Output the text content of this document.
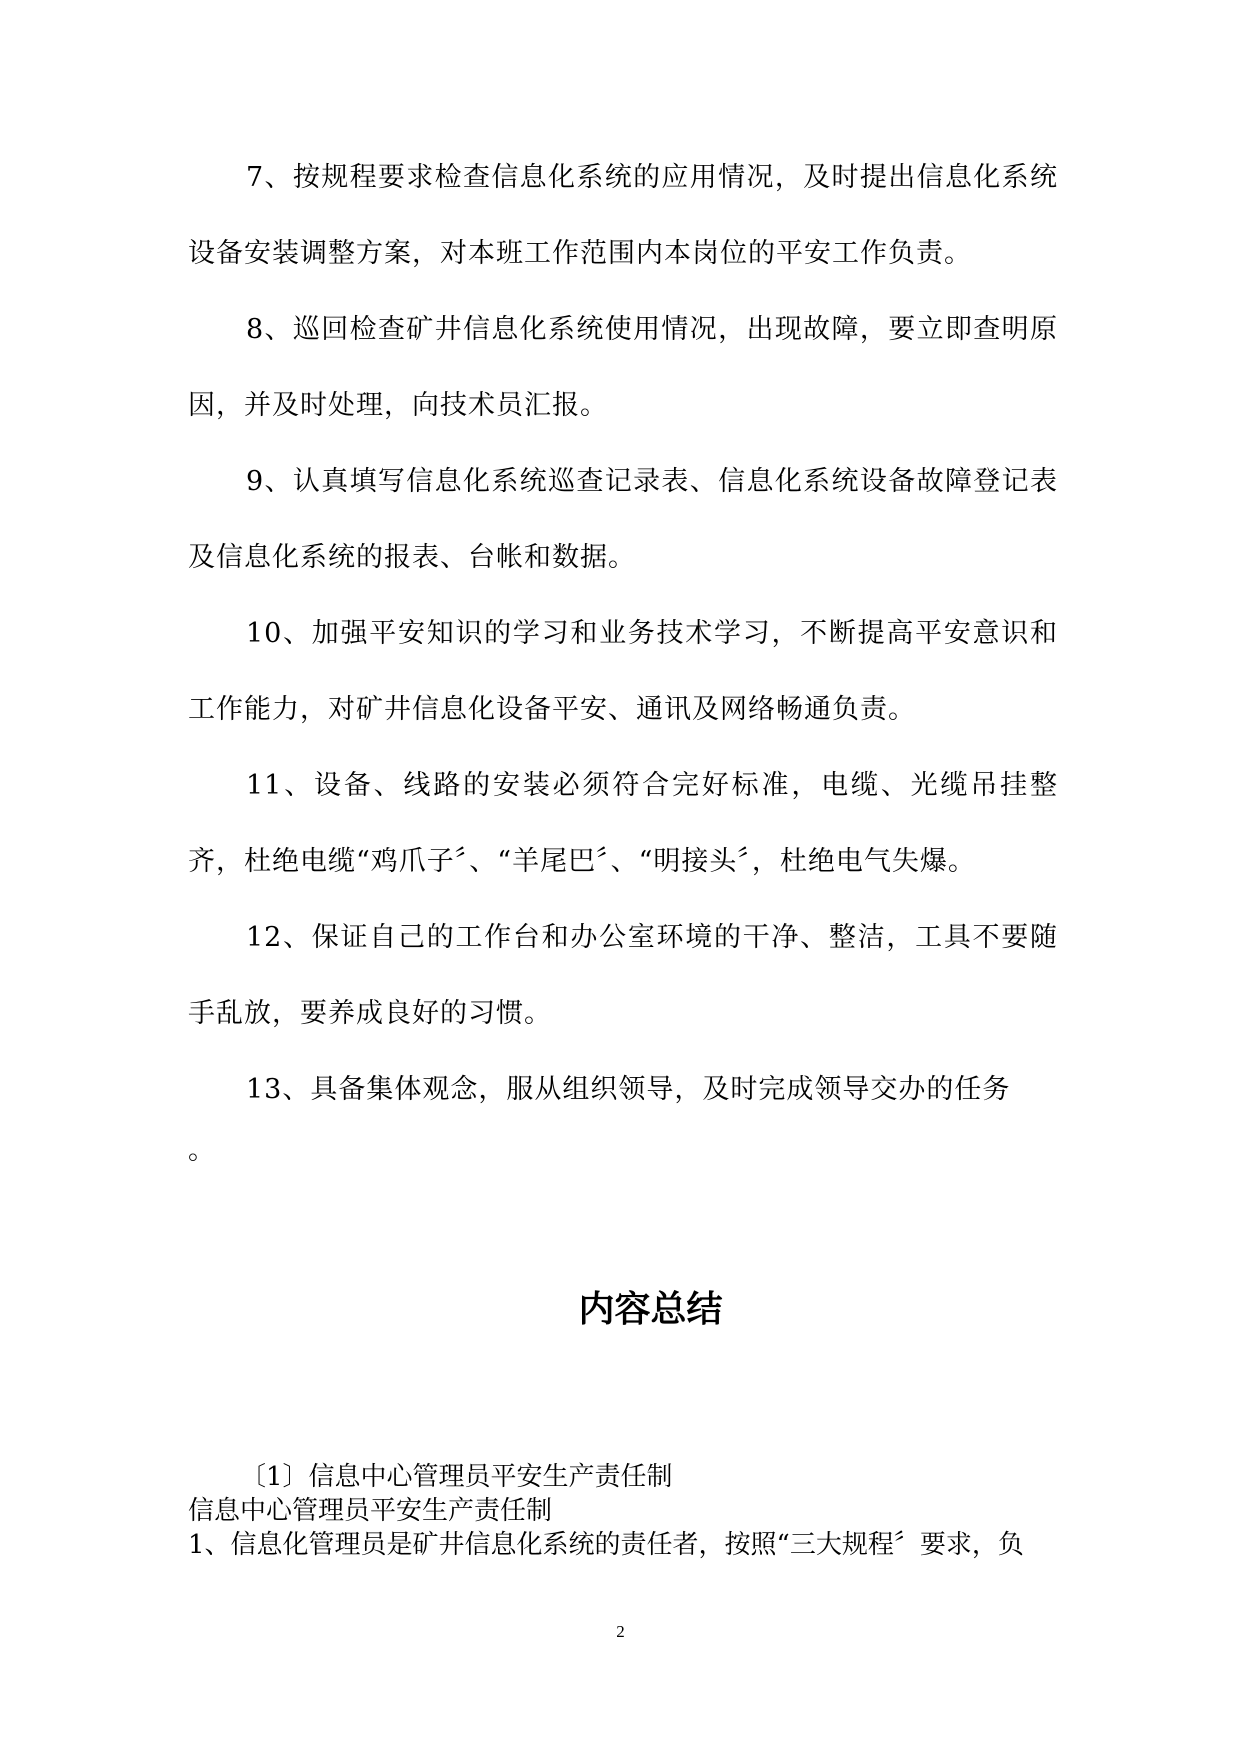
7、按规程要求检查信息化系统的应用情况，及时提出信息化系统设备安装调整方案，对本班工作范围内本岗位的平安工作负责。

8、巡回检查矿井信息化系统使用情况，出现故障，要立即查明原因，并及时处理，向技术员汇报。

9、认真填写信息化系统巡查记录表、信息化系统设备故障登记表及信息化系统的报表、台帐和数据。

10、加强平安知识的学习和业务技术学习，不断提高平安意识和工作能力，对矿井信息化设备平安、通讯及网络畅通负责。

11、设备、线路的安装必须符合完好标准，电缆、光缆吊挂整齐，杜绝电缆“鸡爪子〞、“羊尾巴〞、“明接头〞，杜绝电气失爆。

12、保证自己的工作台和办公室环境的干净、整洁，工具不要随手乱放，要养成良好的习惯。

13、具备集体观念，服从组织领导，及时完成领导交办的任务

。
内容总结
〔1〕信息中心管理员平安生产责任制
信息中心管理员平安生产责任制
1、信息化管理员是矿井信息化系统的责任者，按照“三大规程〞要求，负
2
